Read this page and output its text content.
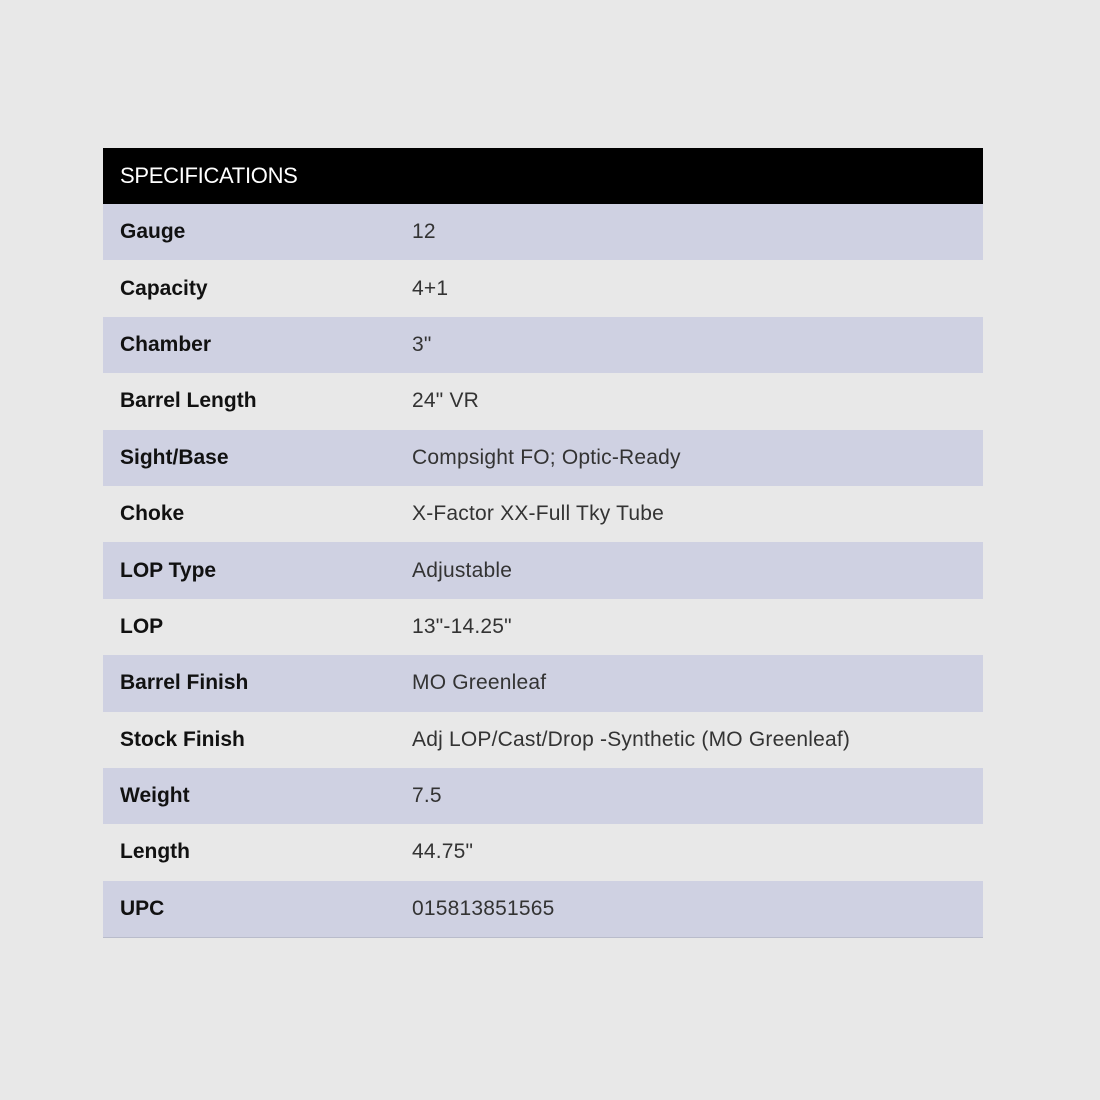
SPECIFICATIONS
Gauge	12
Capacity	4+1
Chamber	3"
Barrel Length	24" VR
Sight/Base	Compsight FO; Optic-Ready
Choke	X-Factor XX-Full Tky Tube
LOP Type	Adjustable
LOP	13"-14.25"
Barrel Finish	MO Greenleaf
Stock Finish	Adj LOP/Cast/Drop -Synthetic (MO Greenleaf)
Weight	7.5
Length	44.75"
UPC	015813851565
